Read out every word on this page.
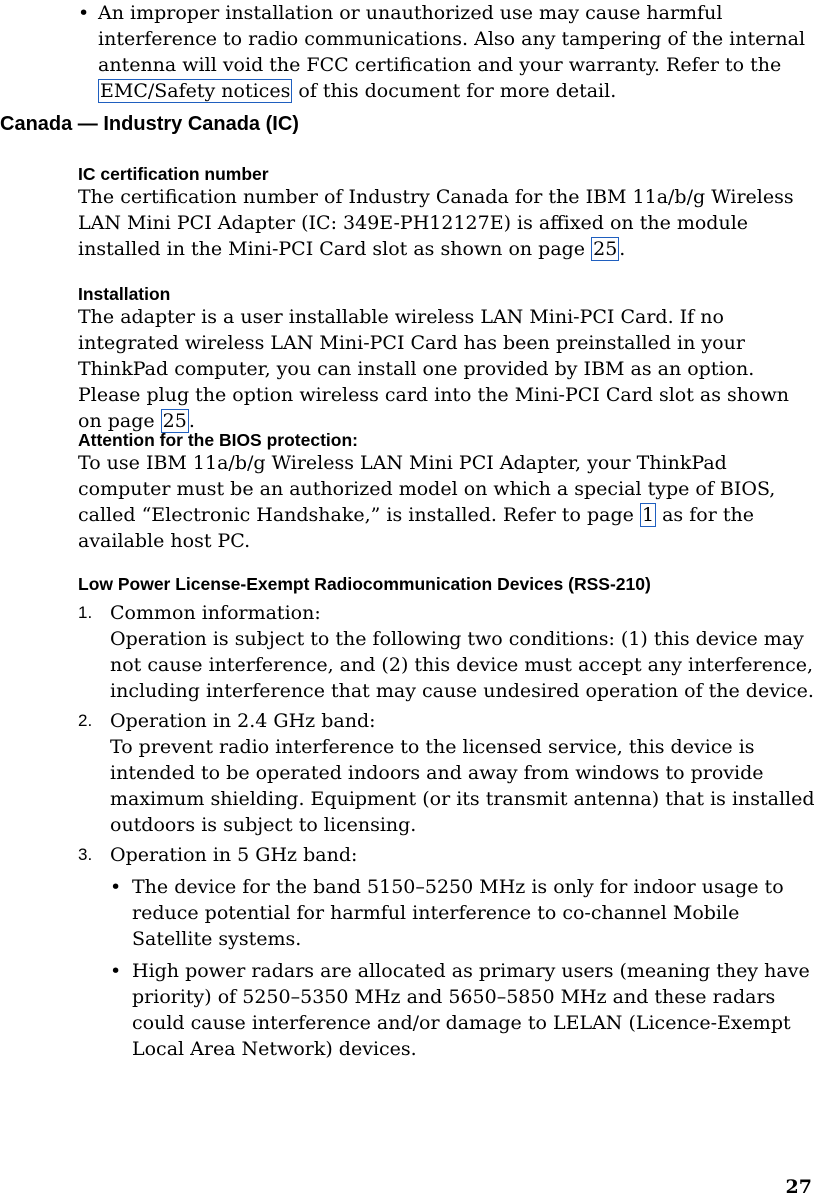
• An improper installation or unauthorized use may cause harmful interference to radio communications. Also any tampering of the internal antenna will void the FCC certification and your warranty. Refer to the EMC/Safety notices of this document for more detail.
Canada — Industry Canada (IC)
IC certification number
The certification number of Industry Canada for the IBM 11a/b/g Wireless LAN Mini PCI Adapter (IC: 349E-PH12127E) is affixed on the module installed in the Mini-PCI Card slot as shown on page 25 .
Installation
The adapter is a user installable wireless LAN Mini-PCI Card. If no integrated wireless LAN Mini-PCI Card has been preinstalled in your ThinkPad computer, you can install one provided by IBM as an option. Please plug the option wireless card into the Mini-PCI Card slot as shown on page 25 .
Attention for the BIOS protection:
To use IBM 11a/b/g Wireless LAN Mini PCI Adapter, your ThinkPad computer must be an authorized model on which a special type of BIOS, called “Electronic Handshake,” is installed. Refer to page 1 as for the available host PC.
Low Power License-Exempt Radiocommunication Devices (RSS-210)
1. Common information:
Operation is subject to the following two conditions: (1) this device may not cause interference, and (2) this device must accept any interference, including interference that may cause undesired operation of the device.
2. Operation in 2.4 GHz band:
To prevent radio interference to the licensed service, this device is intended to be operated indoors and away from windows to provide maximum shielding. Equipment (or its transmit antenna) that is installed outdoors is subject to licensing.
3. Operation in 5 GHz band:
• The device for the band 5150–5250 MHz is only for indoor usage to reduce potential for harmful interference to co-channel Mobile Satellite systems.
• High power radars are allocated as primary users (meaning they have priority) of 5250–5350 MHz and 5650–5850 MHz and these radars could cause interference and/or damage to LELAN (Licence-Exempt Local Area Network) devices.
27
